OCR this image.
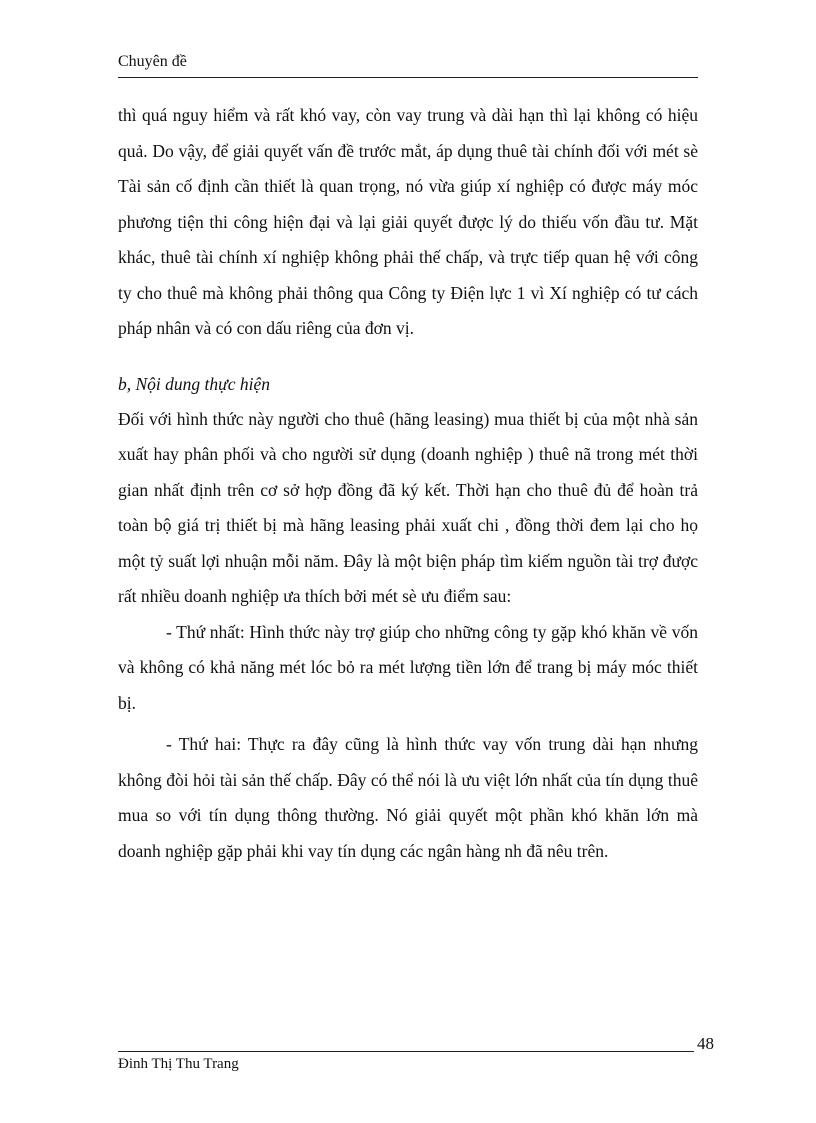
Chuyên đề

thì quá nguy hiểm và rất khó vay, còn vay trung và dài hạn thì lại không có hiệu quả. Do vậy, để giải quyết vấn đề trước mắt, áp dụng thuê tài chính đối với mét sè Tài sản cố định cần thiết là quan trọng, nó vừa giúp xí nghiệp có được máy móc phương tiện thi công hiện đại và lại giải quyết được lý do thiếu vốn đầu tư. Mặt khác, thuê tài chính xí nghiệp không phải thế chấp, và trực tiếp quan hệ với công ty cho thuê mà không phải thông qua Công ty Điện lực 1 vì Xí nghiệp có tư cách pháp nhân và có con dấu riêng của đơn vị.

b, Nội dung thực hiện

Đối với hình thức này người cho thuê (hãng leasing) mua thiết bị của một nhà sản xuất hay phân phối và cho người sử dụng (doanh nghiệp ) thuê nã trong mét thời gian nhất định trên cơ sở hợp đồng đã ký kết. Thời hạn cho thuê đủ để hoàn trả toàn bộ giá trị thiết bị mà hãng leasing phải xuất chi , đồng thời đem lại cho họ một tỷ suất lợi nhuận mỗi năm. Đây là một biện pháp tìm kiếm nguồn tài trợ được rất nhiều doanh nghiệp ưa thích bởi mét sè ưu điểm sau:

- Thứ nhất: Hình thức này trợ giúp cho những công ty gặp khó khăn về vốn và không có khả năng mét lóc bỏ ra mét lượng tiền lớn để trang bị máy móc thiết bị.

- Thứ hai: Thực ra đây cũng là hình thức vay vốn trung dài hạn nhưng không đòi hỏi tài sản thế chấp. Đây có thể nói là ưu việt lớn nhất của tín dụng thuê mua so với tín dụng thông thường. Nó giải quyết một phần khó khăn lớn mà doanh nghiệp gặp phải khi vay tín dụng các ngân hàng nh đã nêu trên.

48
Đinh Thị Thu Trang
